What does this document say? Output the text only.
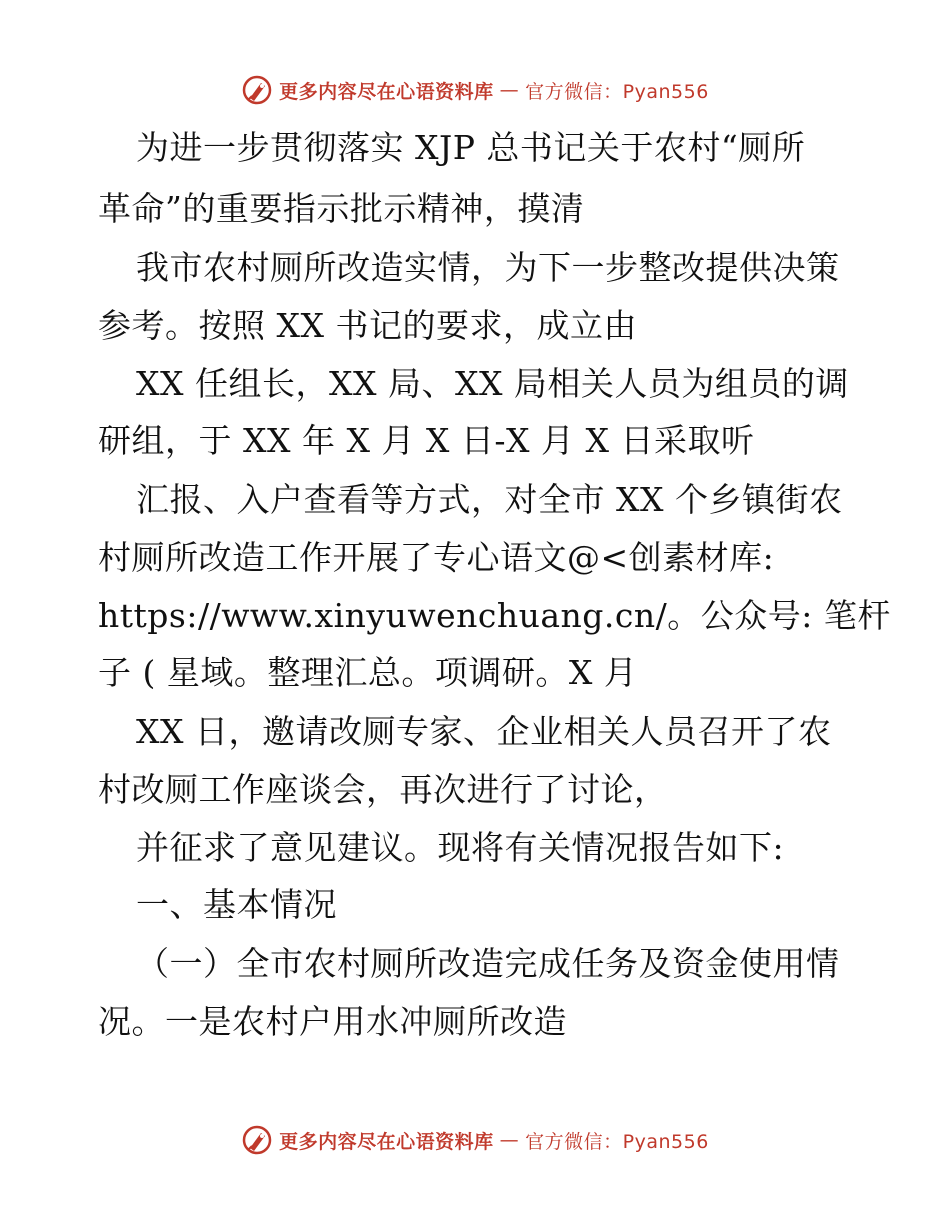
更多内容尽在心语资料库 — 官方微信：Pyan556
为进一步贯彻落实 XJP 总书记关于农村“厕所
革命”的重要指示批示精神，摸清
我市农村厕所改造实情，为下一步整改提供决策
参考。按照 XX 书记的要求，成立由
XX 任组长，XX 局、XX 局相关人员为组员的调
研组，于 XX 年 X 月 X 日-X 月 X 日采取听
汇报、入户查看等方式，对全市 XX 个乡镇街农
村厕所改造工作开展了专心语文@<创素材库:
https://www.xinyuwenchuang.cn/。公众号: 笔杆
子 ( 星域。整理汇总。项调研。X 月
XX 日，邀请改厕专家、企业相关人员召开了农
村改厕工作座谈会，再次进行了讨论，
并征求了意见建议。现将有关情况报告如下:
一、基本情况
（一）全市农村厕所改造完成任务及资金使用情
况。一是农村户用水冲厕所改造
更多内容尽在心语资料库 — 官方微信：Pyan556
